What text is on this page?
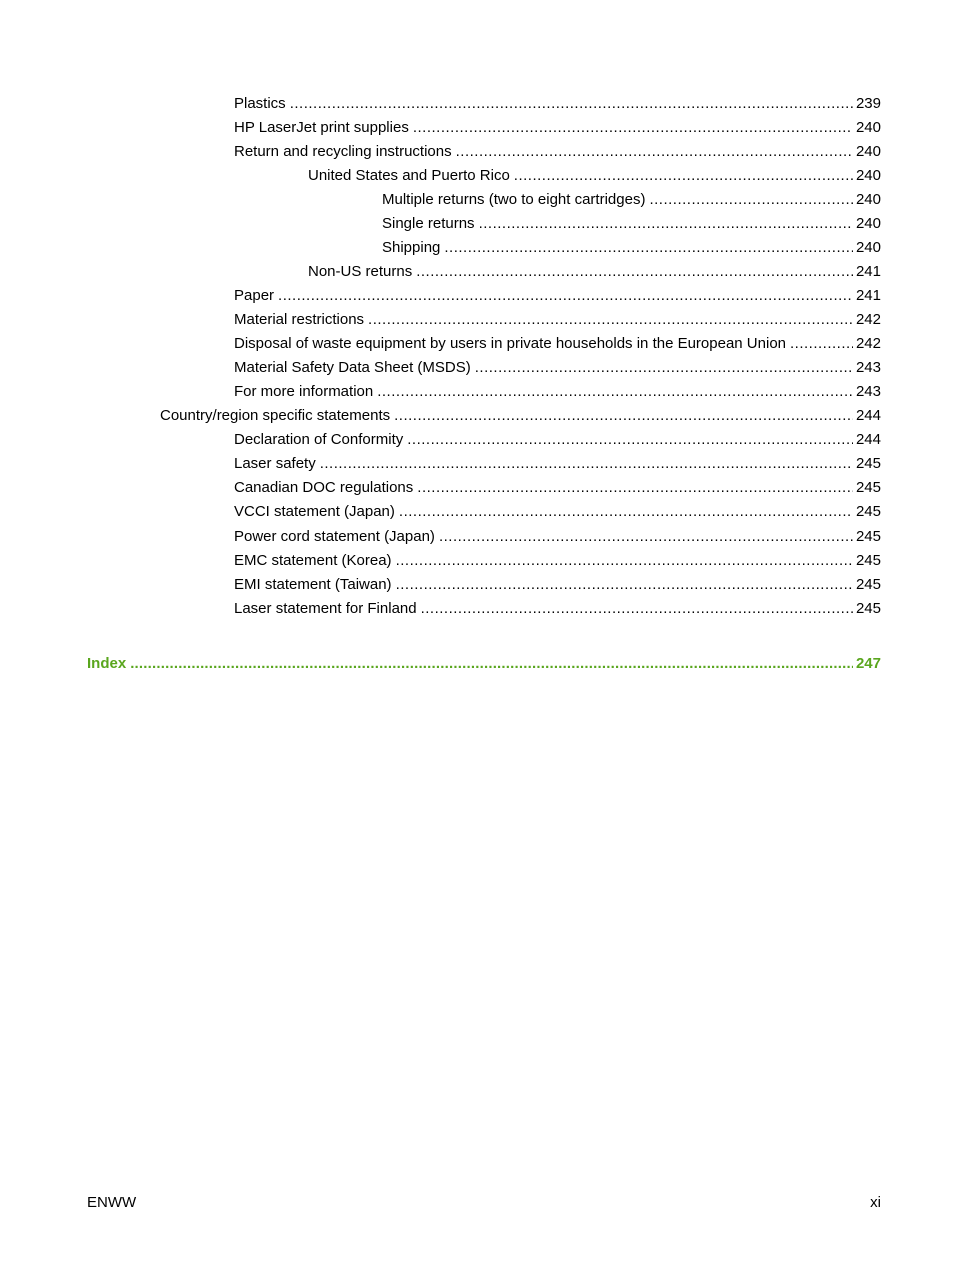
Plastics .....	239
HP LaserJet print supplies .....	240
Return and recycling instructions .....	240
United States and Puerto Rico .....	240
Multiple returns (two to eight cartridges) .....	240
Single returns .....	240
Shipping .....	240
Non-US returns .....	241
Paper .....	241
Material restrictions .....	242
Disposal of waste equipment by users in private households in the European Union .....	242
Material Safety Data Sheet (MSDS) .....	243
For more information .....	243
Country/region specific statements .....	244
Declaration of Conformity .....	244
Laser safety .....	245
Canadian DOC regulations .....	245
VCCI statement (Japan) .....	245
Power cord statement (Japan) .....	245
EMC statement (Korea) .....	245
EMI statement (Taiwan) .....	245
Laser statement for Finland .....	245
Index .....	247
ENWW	xi
